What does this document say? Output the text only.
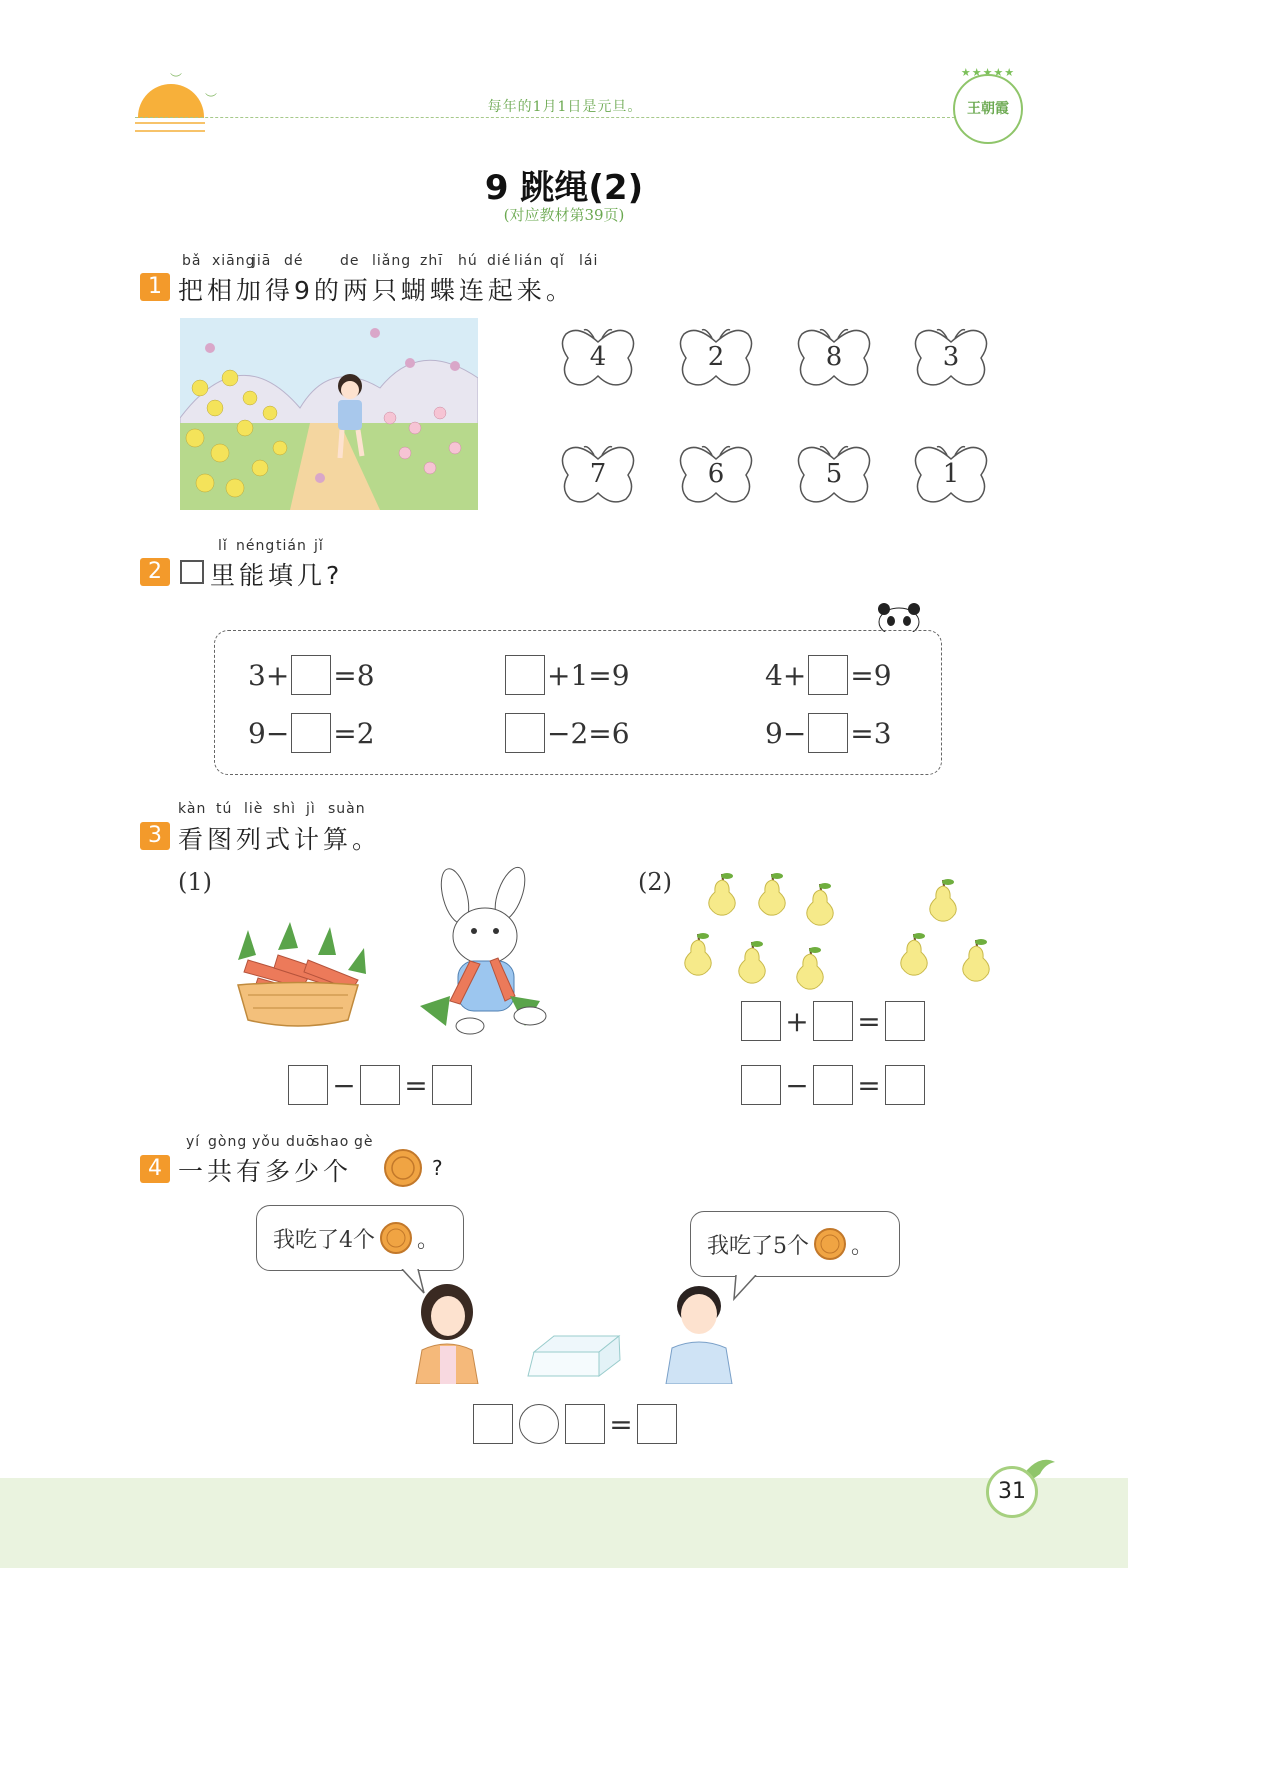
︶
︶	每年的1月1日是元旦。
★★★★★
王朝霞
9 跳绳(2)
(对应教材第39页)
bǎ xiāng
jiā dé	de liǎng zhī hú dié lián qǐ lái
1 把相加得9的两只蝴蝶连起来。
lǐ néng tián jǐ
2	里能填几?
kàn tú liè shì jì suàn
3 看图列式计算。
(1)	(2)
− =
+ =
− =
yí gòng yǒu duō
shao gè
4 一共有多少个	?
我吃了4个 。	我吃了5个 。
=
31
4	2	8	3
7	6	5	1
3+ =8	+1=9	4+ =9
9− =2	−2=6	9− =3
